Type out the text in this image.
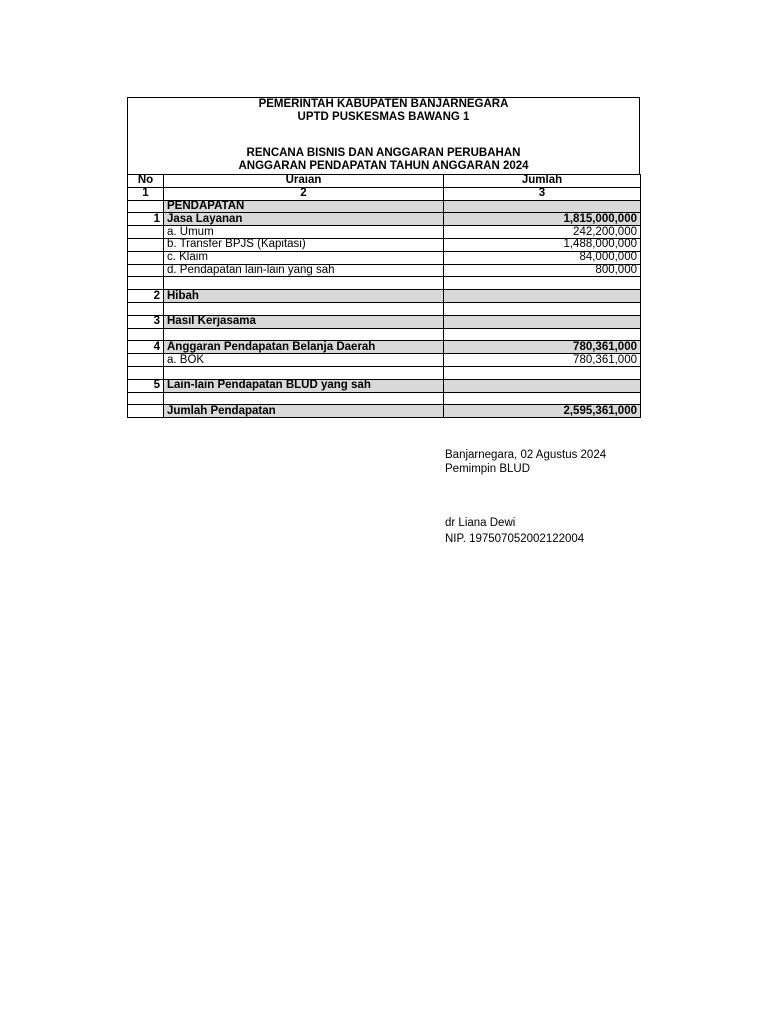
PEMERINTAH KABUPATEN BANJARNEGARA
UPTD PUSKESMAS BAWANG 1
RENCANA BISNIS DAN ANGGARAN PERUBAHAN
ANGGARAN PENDAPATAN TAHUN ANGGARAN 2024
No	Uraian	Jumlah
1	2	3
	PENDAPATAN	
1	Jasa Layanan	1,815,000,000
	a. Umum	242,200,000
	b. Transfer BPJS (Kapitasi)	1,488,000,000
	c. Klaim	84,000,000
	d. Pendapatan lain-lain yang sah	800,000

2	Hibah	

3	Hasil Kerjasama	

4	Anggaran Pendapatan Belanja Daerah	780,361,000
	a. BOK	780,361,000

5	Lain-lain Pendapatan BLUD yang sah	

	Jumlah Pendapatan	2,595,361,000
Banjarnegara, 02 Agustus 2024
Pemimpin BLUD
dr Liana Dewi
NIP. 197507052002122004
